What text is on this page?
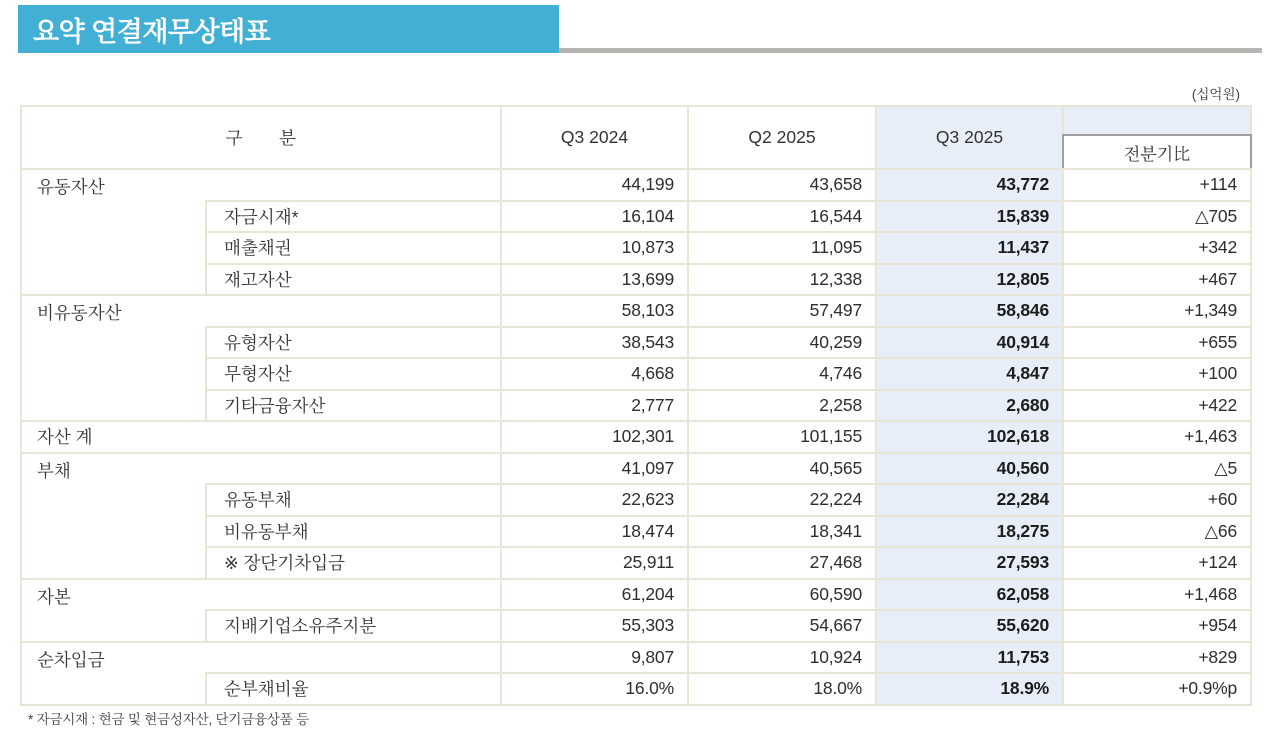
요약 연결재무상태표
(십억원)
구　　분		Q3 2024	Q2 2025	Q3 2025	전분기比

유동자산		44,199	43,658	43,772	+114
	자금시재*	16,104	16,544	15,839	△705
	매출채권	10,873	11,095	11,437	+342
	재고자산	13,699	12,338	12,805	+467
비유동자산		58,103	57,497	58,846	+1,349
	유형자산	38,543	40,259	40,914	+655
	무형자산	4,668	4,746	4,847	+100
	기타금융자산	2,777	2,258	2,680	+422
자산 계		102,301	101,155	102,618	+1,463
부채		41,097	40,565	40,560	△5
	유동부채	22,623	22,224	22,284	+60
	비유동부채	18,474	18,341	18,275	△66
	※ 장단기차입금	25,911	27,468	27,593	+124
자본		61,204	60,590	62,058	+1,468
	지배기업소유주지분	55,303	54,667	55,620	+954
순차입금		9,807	10,924	11,753	+829
	순부채비율	16.0%	18.0%	18.9%	+0.9%p
* 자금시재 : 현금 및 현금성자산, 단기금융상품 등
